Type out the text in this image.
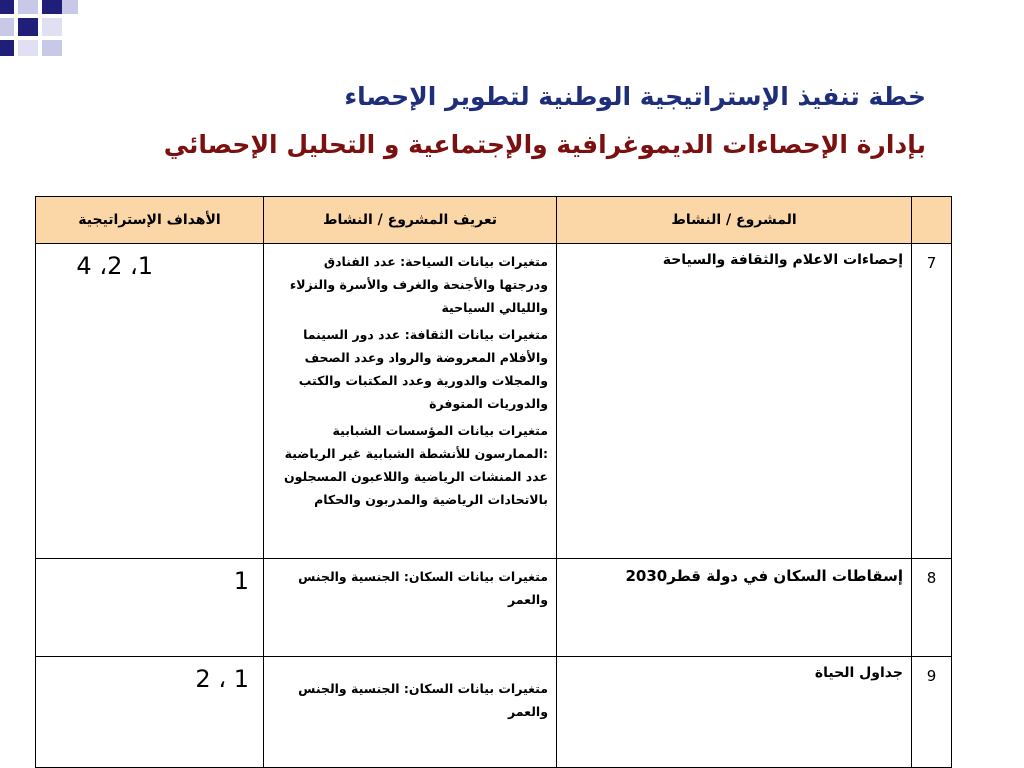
خطة تنفيذ الإستراتيجية الوطنية لتطوير الإحصاء
بإدارة الإحصاءات الديموغرافية والإجتماعية و التحليل الإحصائي
	المشروع / النشاط	تعريف المشروع / النشاط	الأهداف الإستراتيجية
7	إحصاءات الاعلام والثقافة والسياحة	متغيرات بيانات السياحة: عدد الفنادق ودرجتها والأجنحة والغرف والأسرة والنزلاء والليالي السياحية

متغيرات بيانات الثقافة: عدد دور السينما والأفلام المعروضة والرواد وعدد الصحف والمجلات والدورية وعدد المكتبات والكتب والدوريات المتوفرة

متغيرات بيانات المؤسسات الشبابية :الممارسون للأنشطة الشبابية غير الرياضية عدد المنشات الرياضية واللاعبون المسجلون بالاتحادات الرياضية والمدربون والحكام	1، 2، 4
8	إسقاطات السكان في دولة قطر2030	متغيرات بيانات السكان: الجنسية والجنس والعمر	1
9	جداول الحياة	متغيرات بيانات السكان: الجنسية والجنس والعمر	1 ، 2
